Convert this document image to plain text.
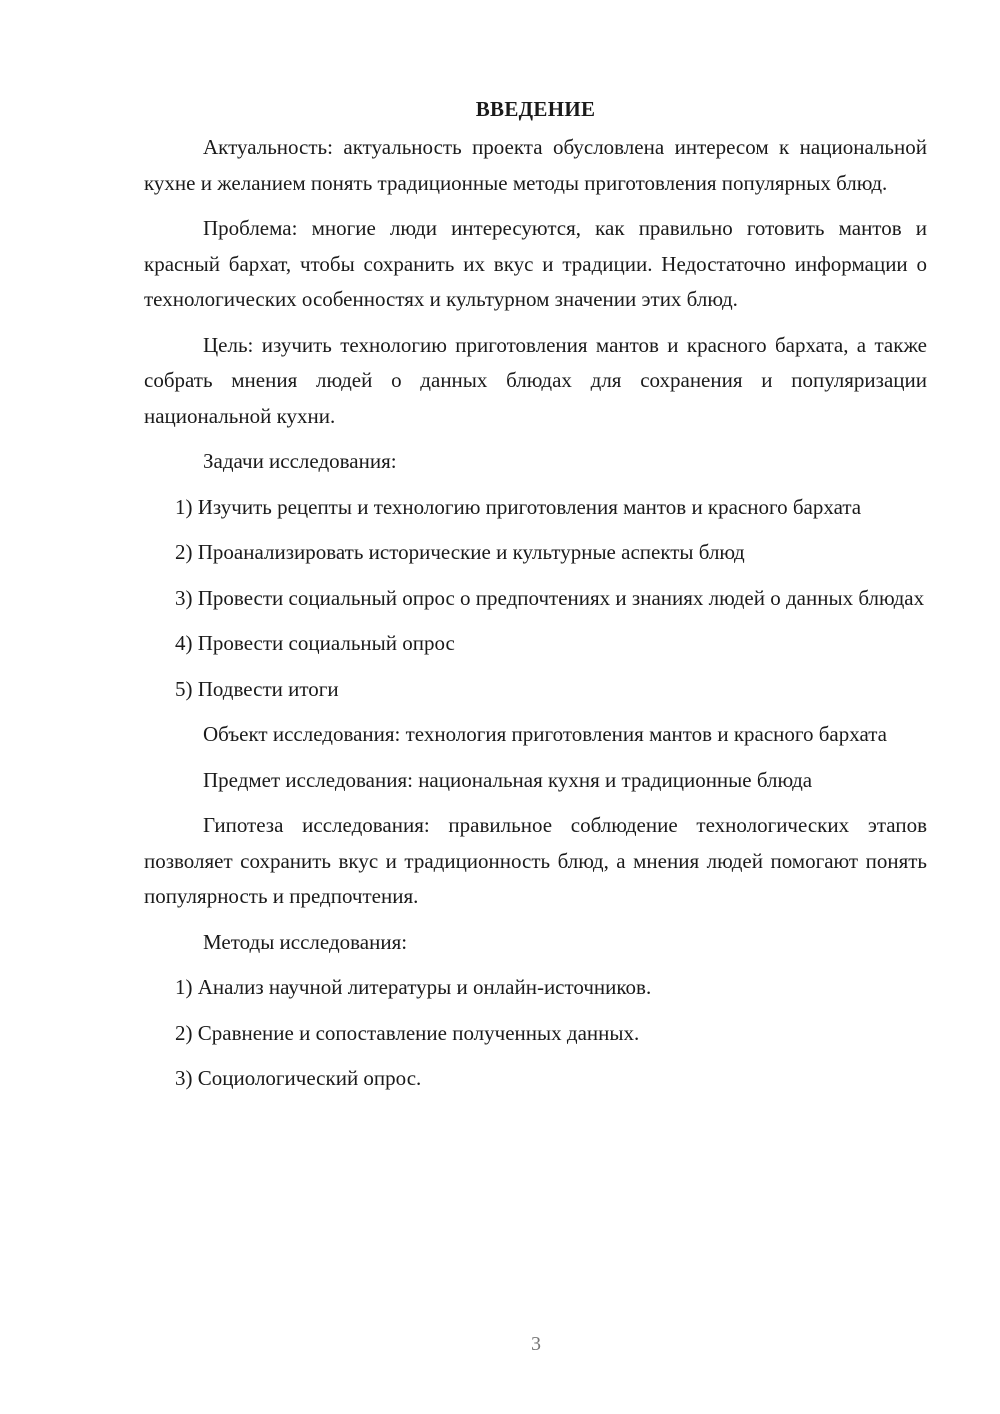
ВВЕДЕНИЕ

Актуальность: актуальность проекта обусловлена интересом к национальной кухне и желанием понять традиционные методы приготовления популярных блюд.

Проблема: многие люди интересуются, как правильно готовить мантов и красный бархат, чтобы сохранить их вкус и традиции. Недостаточно информации о технологических особенностях и культурном значении этих блюд.

Цель: изучить технологию приготовления мантов и красного бархата, а также собрать мнения людей о данных блюдах для сохранения и популяризации национальной кухни.

Задачи исследования:

1) Изучить рецепты и технологию приготовления мантов и красного бархата

2) Проанализировать исторические и культурные аспекты блюд

3) Провести социальный опрос о предпочтениях и знаниях людей о данных блюдах

4) Провести социальный опрос

5) Подвести итоги

Объект исследования: технология приготовления мантов и красного бархата

Предмет исследования: национальная кухня и традиционные блюда

Гипотеза исследования: правильное соблюдение технологических этапов позволяет сохранить вкус и традиционность блюд, а мнения людей помогают понять популярность и предпочтения.

Методы исследования:

1) Анализ научной литературы и онлайн-источников.

2) Сравнение и сопоставление полученных данных.

3) Социологический опрос.

3
